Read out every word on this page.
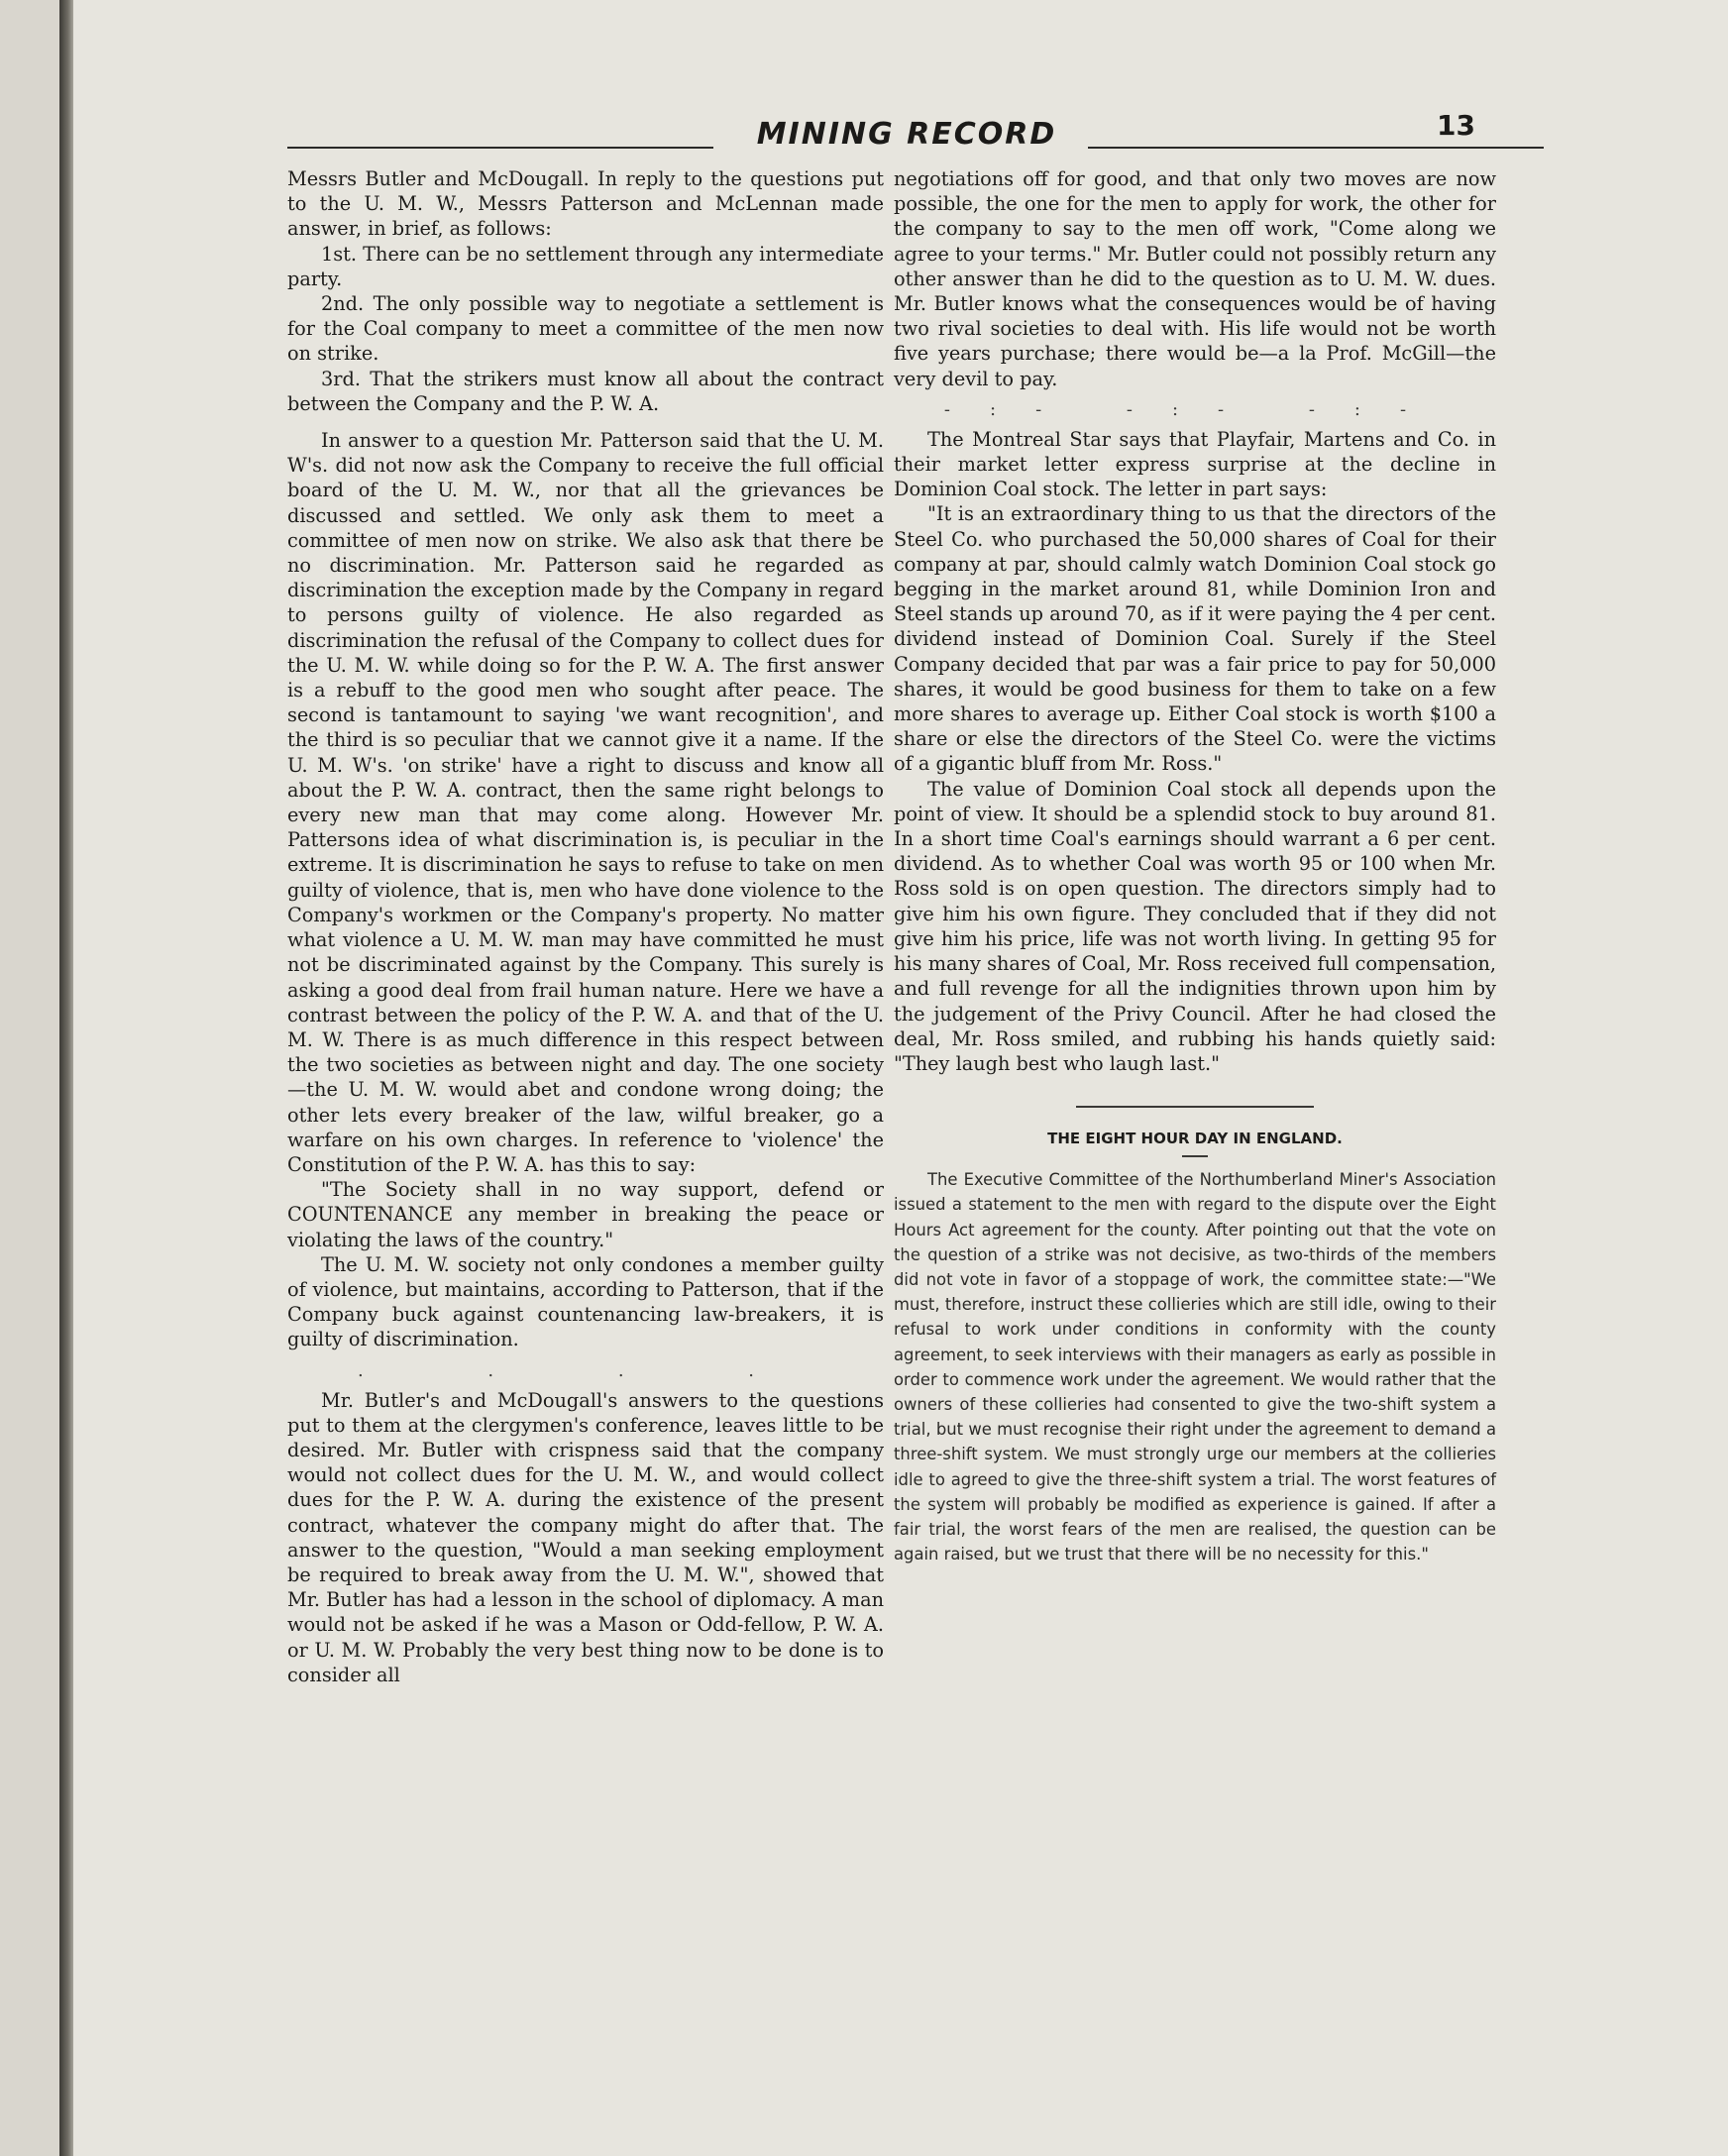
MINING RECORD	13

Messrs Butler and McDougall. In reply to the questions put to the U. M. W., Messrs Patterson and McLennan made answer, in brief, as follows:

1st. There can be no settlement through any intermediate party.

2nd. The only possible way to negotiate a settlement is for the Coal company to meet a committee of the men now on strike.

3rd. That the strikers must know all about the contract between the Company and the P. W. A.

In answer to a question Mr. Patterson said that the U. M. W's. did not now ask the Company to receive the full official board of the U. M. W., nor that all the grievances be discussed and settled. We only ask them to meet a committee of men now on strike. We also ask that there be no discrimination. Mr. Patterson said he regarded as discrimination the exception made by the Company in regard to persons guilty of violence. He also regarded as discrimination the refusal of the Company to collect dues for the U. M. W. while doing so for the P. W. A. The first answer is a rebuff to the good men who sought after peace. The second is tantamount to saying 'we want recognition', and the third is so peculiar that we cannot give it a name. If the U. M. W's. 'on strike' have a right to discuss and know all about the P. W. A. contract, then the same right belongs to every new man that may come along. However Mr. Pattersons idea of what discrimination is, is peculiar in the extreme. It is discrimination he says to refuse to take on men guilty of violence, that is, men who have done violence to the Company's workmen or the Company's property. No matter what violence a U. M. W. man may have committed he must not be discriminated against by the Company. This surely is asking a good deal from frail human nature. Here we have a contrast between the policy of the P. W. A. and that of the U. M. W. There is as much difference in this respect between the two societies as between night and day. The one society—the U. M. W. would abet and condone wrong doing; the other lets every breaker of the law, wilful breaker, go a warfare on his own charges. In reference to 'violence' the Constitution of the P. W. A. has this to say:

"The Society shall in no way support, defend or COUNTENANCE any member in breaking the peace or violating the laws of the country."

The U. M. W. society not only condones a member guilty of violence, but maintains, according to Patterson, that if the Company buck against countenancing law-breakers, it is guilty of discrimination.

. . . .

Mr. Butler's and McDougall's answers to the questions put to them at the clergymen's conference, leaves little to be desired. Mr. Butler with crispness said that the company would not collect dues for the U. M. W., and would collect dues for the P. W. A. during the existence of the present contract, whatever the company might do after that. The answer to the question, "Would a man seeking employment be required to break away from the U. M. W.", showed that Mr. Butler has had a lesson in the school of diplomacy. A man would not be asked if he was a Mason or Odd-fellow, P. W. A. or U. M. W. Probably the very best thing now to be done is to consider all

negotiations off for good, and that only two moves are now possible, the one for the men to apply for work, the other for the company to say to the men off work, "Come along we agree to your terms." Mr. Butler could not possibly return any other answer than he did to the question as to U. M. W. dues. Mr. Butler knows what the consequences would be of having two rival societies to deal with. His life would not be worth five years purchase; there would be—a la Prof. McGill—the very devil to pay.

-:- -:- -:-

The Montreal Star says that Playfair, Martens and Co. in their market letter express surprise at the decline in Dominion Coal stock. The letter in part says:

"It is an extraordinary thing to us that the directors of the Steel Co. who purchased the 50,000 shares of Coal for their company at par, should calmly watch Dominion Coal stock go begging in the market around 81, while Dominion Iron and Steel stands up around 70, as if it were paying the 4 per cent. dividend instead of Dominion Coal. Surely if the Steel Company decided that par was a fair price to pay for 50,000 shares, it would be good business for them to take on a few more shares to average up. Either Coal stock is worth $100 a share or else the directors of the Steel Co. were the victims of a gigantic bluff from Mr. Ross."

The value of Dominion Coal stock all depends upon the point of view. It should be a splendid stock to buy around 81. In a short time Coal's earnings should warrant a 6 per cent. dividend. As to whether Coal was worth 95 or 100 when Mr. Ross sold is on open question. The directors simply had to give him his own figure. They concluded that if they did not give him his price, life was not worth living. In getting 95 for his many shares of Coal, Mr. Ross received full compensation, and full revenge for all the indignities thrown upon him by the judgement of the Privy Council. After he had closed the deal, Mr. Ross smiled, and rubbing his hands quietly said: "They laugh best who laugh last."

THE EIGHT HOUR DAY IN ENGLAND.

The Executive Committee of the Northumberland Miner's Association issued a statement to the men with regard to the dispute over the Eight Hours Act agreement for the county. After pointing out that the vote on the question of a strike was not decisive, as two-thirds of the members did not vote in favor of a stoppage of work, the committee state:—"We must, therefore, instruct these collieries which are still idle, owing to their refusal to work under conditions in conformity with the county agreement, to seek interviews with their managers as early as possible in order to commence work under the agreement. We would rather that the owners of these collieries had consented to give the two-shift system a trial, but we must recognise their right under the agreement to demand a three-shift system. We must strongly urge our members at the collieries idle to agreed to give the three-shift system a trial. The worst features of the system will probably be modified as experience is gained. If after a fair trial, the worst fears of the men are realised, the question can be again raised, but we trust that there will be no necessity for this."
